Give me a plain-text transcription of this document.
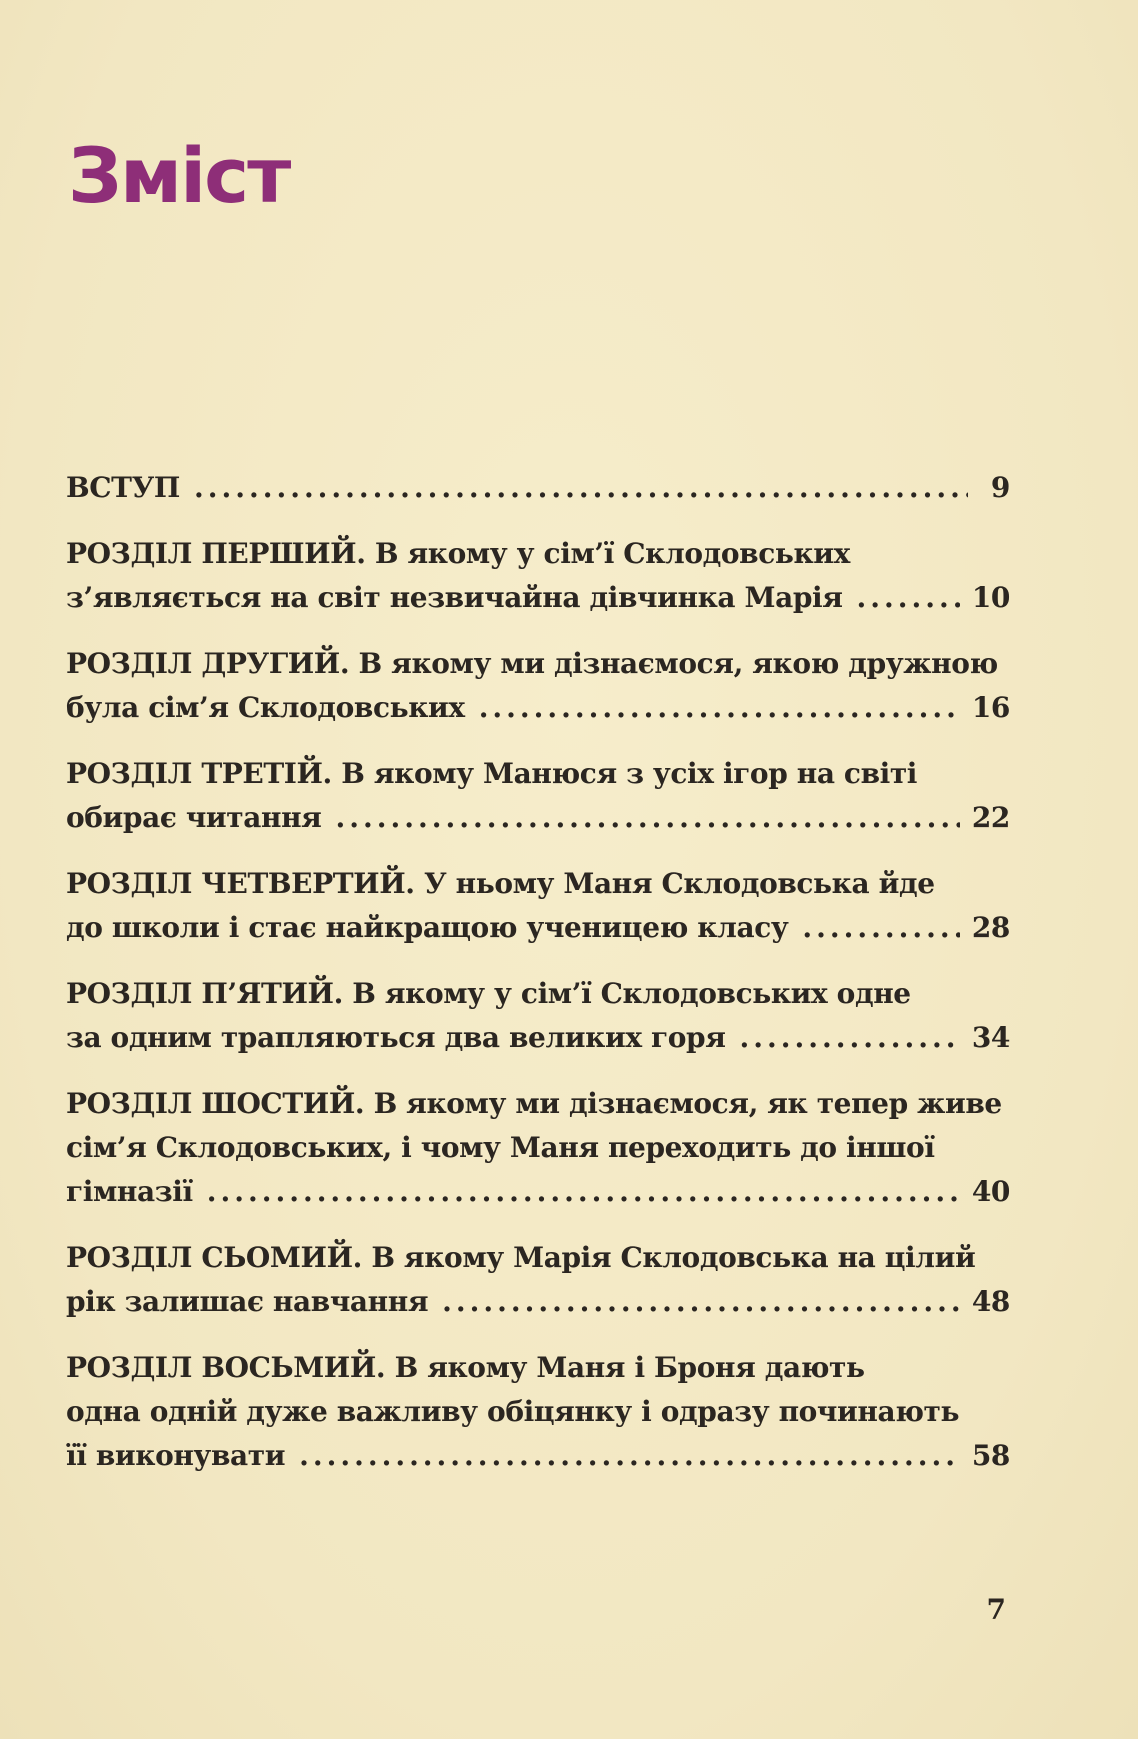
Зміст
ВСТУП .....	9
РОЗДІЛ ПЕРШИЙ. В якому у сім’ї Склодовських
з’являється на світ незвичайна дівчинка Марія .....	10
РОЗДІЛ ДРУГИЙ. В якому ми дізнаємося, якою дружною
була сім’я Склодовських .....	16
РОЗДІЛ ТРЕТІЙ. В якому Манюся з усіх ігор на світі
обирає читання .....	22
РОЗДІЛ ЧЕТВЕРТИЙ. У ньому Маня Склодовська йде
до школи і стає найкращою ученицею класу .....	28
РОЗДІЛ П’ЯТИЙ. В якому у сім’ї Склодовських одне
за одним трапляються два великих горя .....	34
РОЗДІЛ ШОСТИЙ. В якому ми дізнаємося, як тепер живе
сім’я Склодовських, і чому Маня переходить до іншої
гімназії .....	40
РОЗДІЛ СЬОМИЙ. В якому Марія Склодовська на цілий
рік залишає навчання .....	48
РОЗДІЛ ВОСЬМИЙ. В якому Маня і Броня дають
одна одній дуже важливу обіцянку і одразу починають
її виконувати .....	58
7
